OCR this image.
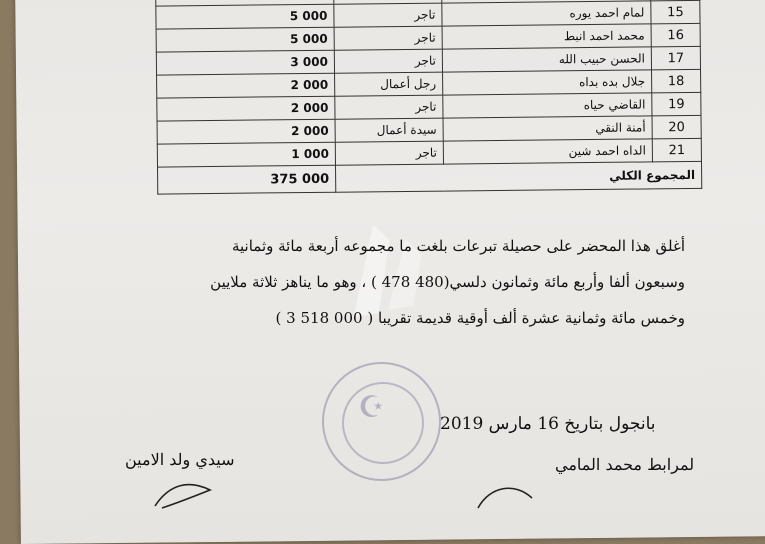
5 000	تاجر	لمام احمد يوره	15
5 000	تاجر	محمد احمد انبط	16
3 000	تاجر	الحسن حبيب الله	17
2 000	رجل أعمال	جلال بده بداه	18
2 000	تاجر	القاضي حياه	19
2 000	سيدة أعمال	أمنة النقي	20
1 000	تاجر	الداه احمد شين	21
375 000	المجموع الكلي		
أغلق هذا المحضر على حصيلة تبرعات بلغت ما مجموعه أربعة مائة وثمانية
وسبعون ألفا وأربع مائة وثمانون دلسي(480 478 ) ، وهو ما يناهز ثلاثة ملايين
وخمس مائة وثمانية عشرة ألف أوقية قديمة تقريبا ( 000 518 3 )
☪	بانجول بتاريخ 16 مارس 2019
سيدي ولد الامين	لمرابط محمد المامي
